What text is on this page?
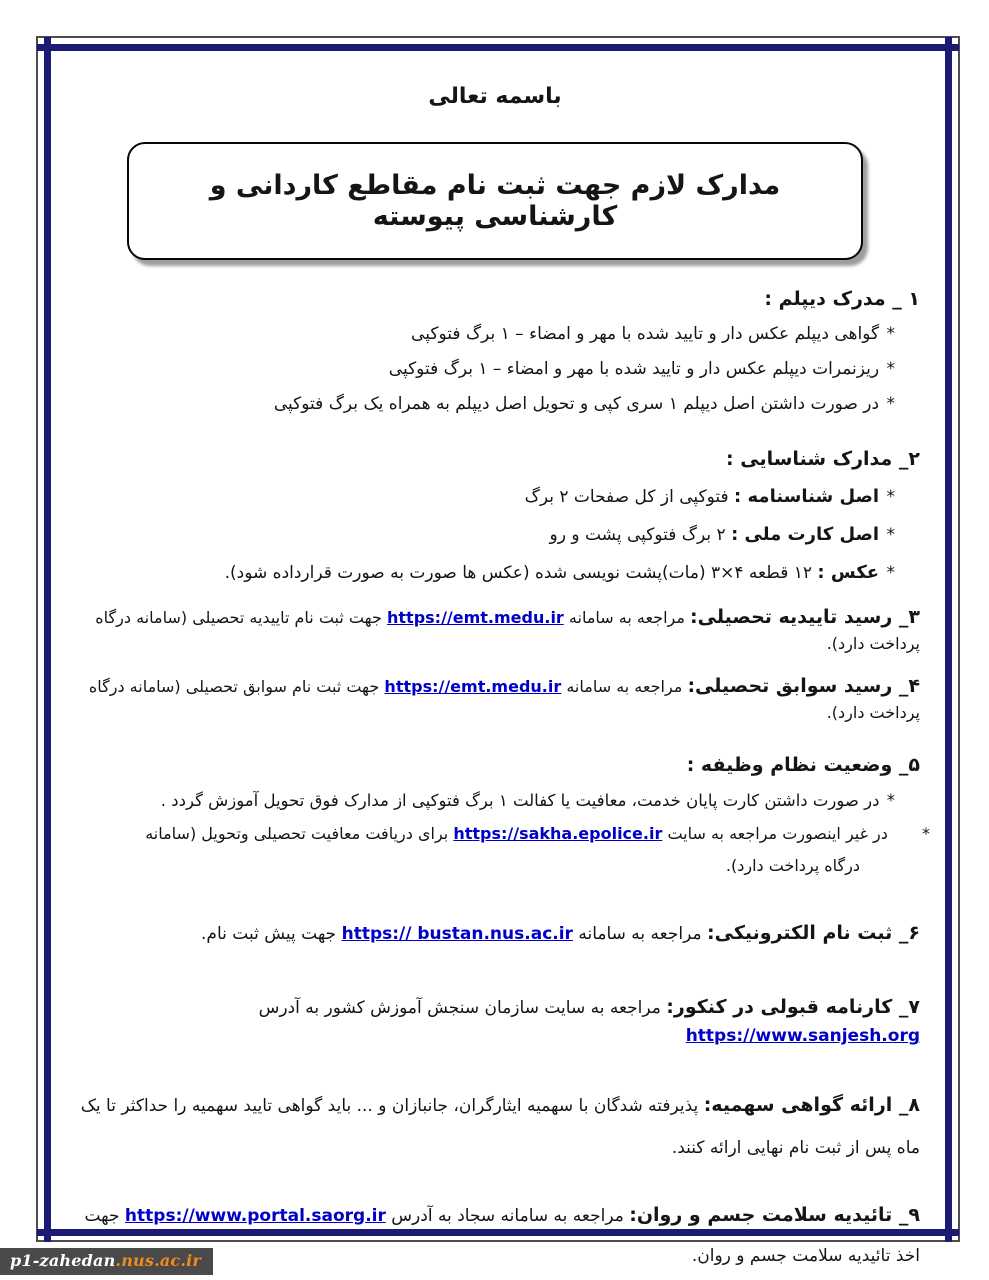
باسمه تعالی
مدارک لازم جهت ثبت نام مقاطع کاردانی و کارشناسی پیوسته
۱ _ مدرک دیپلم :
* گواهی دیپلم عکس دار و تایید شده با مهر و امضاء – ۱ برگ فتوکپی
* ریزنمرات دیپلم عکس دار و تایید شده با مهر و امضاء – ۱ برگ فتوکپی
* در صورت داشتن اصل دیپلم ۱ سری کپی و تحویل اصل دیپلم به همراه یک برگ فتوکپی
۲_ مدارک شناسایی :
* اصل شناسنامه : فتوکپی از کل صفحات ۲ برگ
* اصل کارت ملی : ۲ برگ فتوکپی پشت و رو
* عکس : ۱۲ قطعه ۴×۳ (مات)پشت نویسی شده (عکس ها صورت به صورت قرارداده شود).
۳_ رسید تاییدیه تحصیلی: مراجعه به سامانه https://emt.medu.ir جهت ثبت نام تاییدیه تحصیلی (سامانه درگاه پرداخت دارد).
۴_ رسید سوابق تحصیلی: مراجعه به سامانه https://emt.medu.ir جهت ثبت نام سوابق تحصیلی (سامانه درگاه پرداخت دارد).
۵_ وضعیت نظام وظیفه :
* در صورت داشتن کارت پایان خدمت، معافیت یا کفالت ۱ برگ فتوکپی از مدارک فوق تحویل آموزش گردد .
* در غیر اینصورت مراجعه به سایت https://sakha.epolice.ir برای دریافت معافیت تحصیلی وتحویل (سامانه درگاه پرداخت دارد).
۶_ ثبت نام الکترونیکی: مراجعه به سامانه https:// bustan.nus.ac.ir جهت پیش ثبت نام.
۷_ کارنامه قبولی در کنکور: مراجعه به سایت سازمان سنجش آموزش کشور به آدرس https://www.sanjesh.org
۸_ ارائه گواهی سهمیه: پذیرفته شدگان با سهمیه ایثارگران، جانبازان و ... باید گواهی تایید سهمیه را حداکثر تا یک ماه پس از ثبت نام نهایی ارائه کنند.
۹_ تائیدیه سلامت جسم و روان: مراجعه به سامانه سجاد به آدرس https://www.portal.saorg.ir جهت اخذ تائیدیه سلامت جسم و روان.
p1-zahedan.nus.ac.ir
